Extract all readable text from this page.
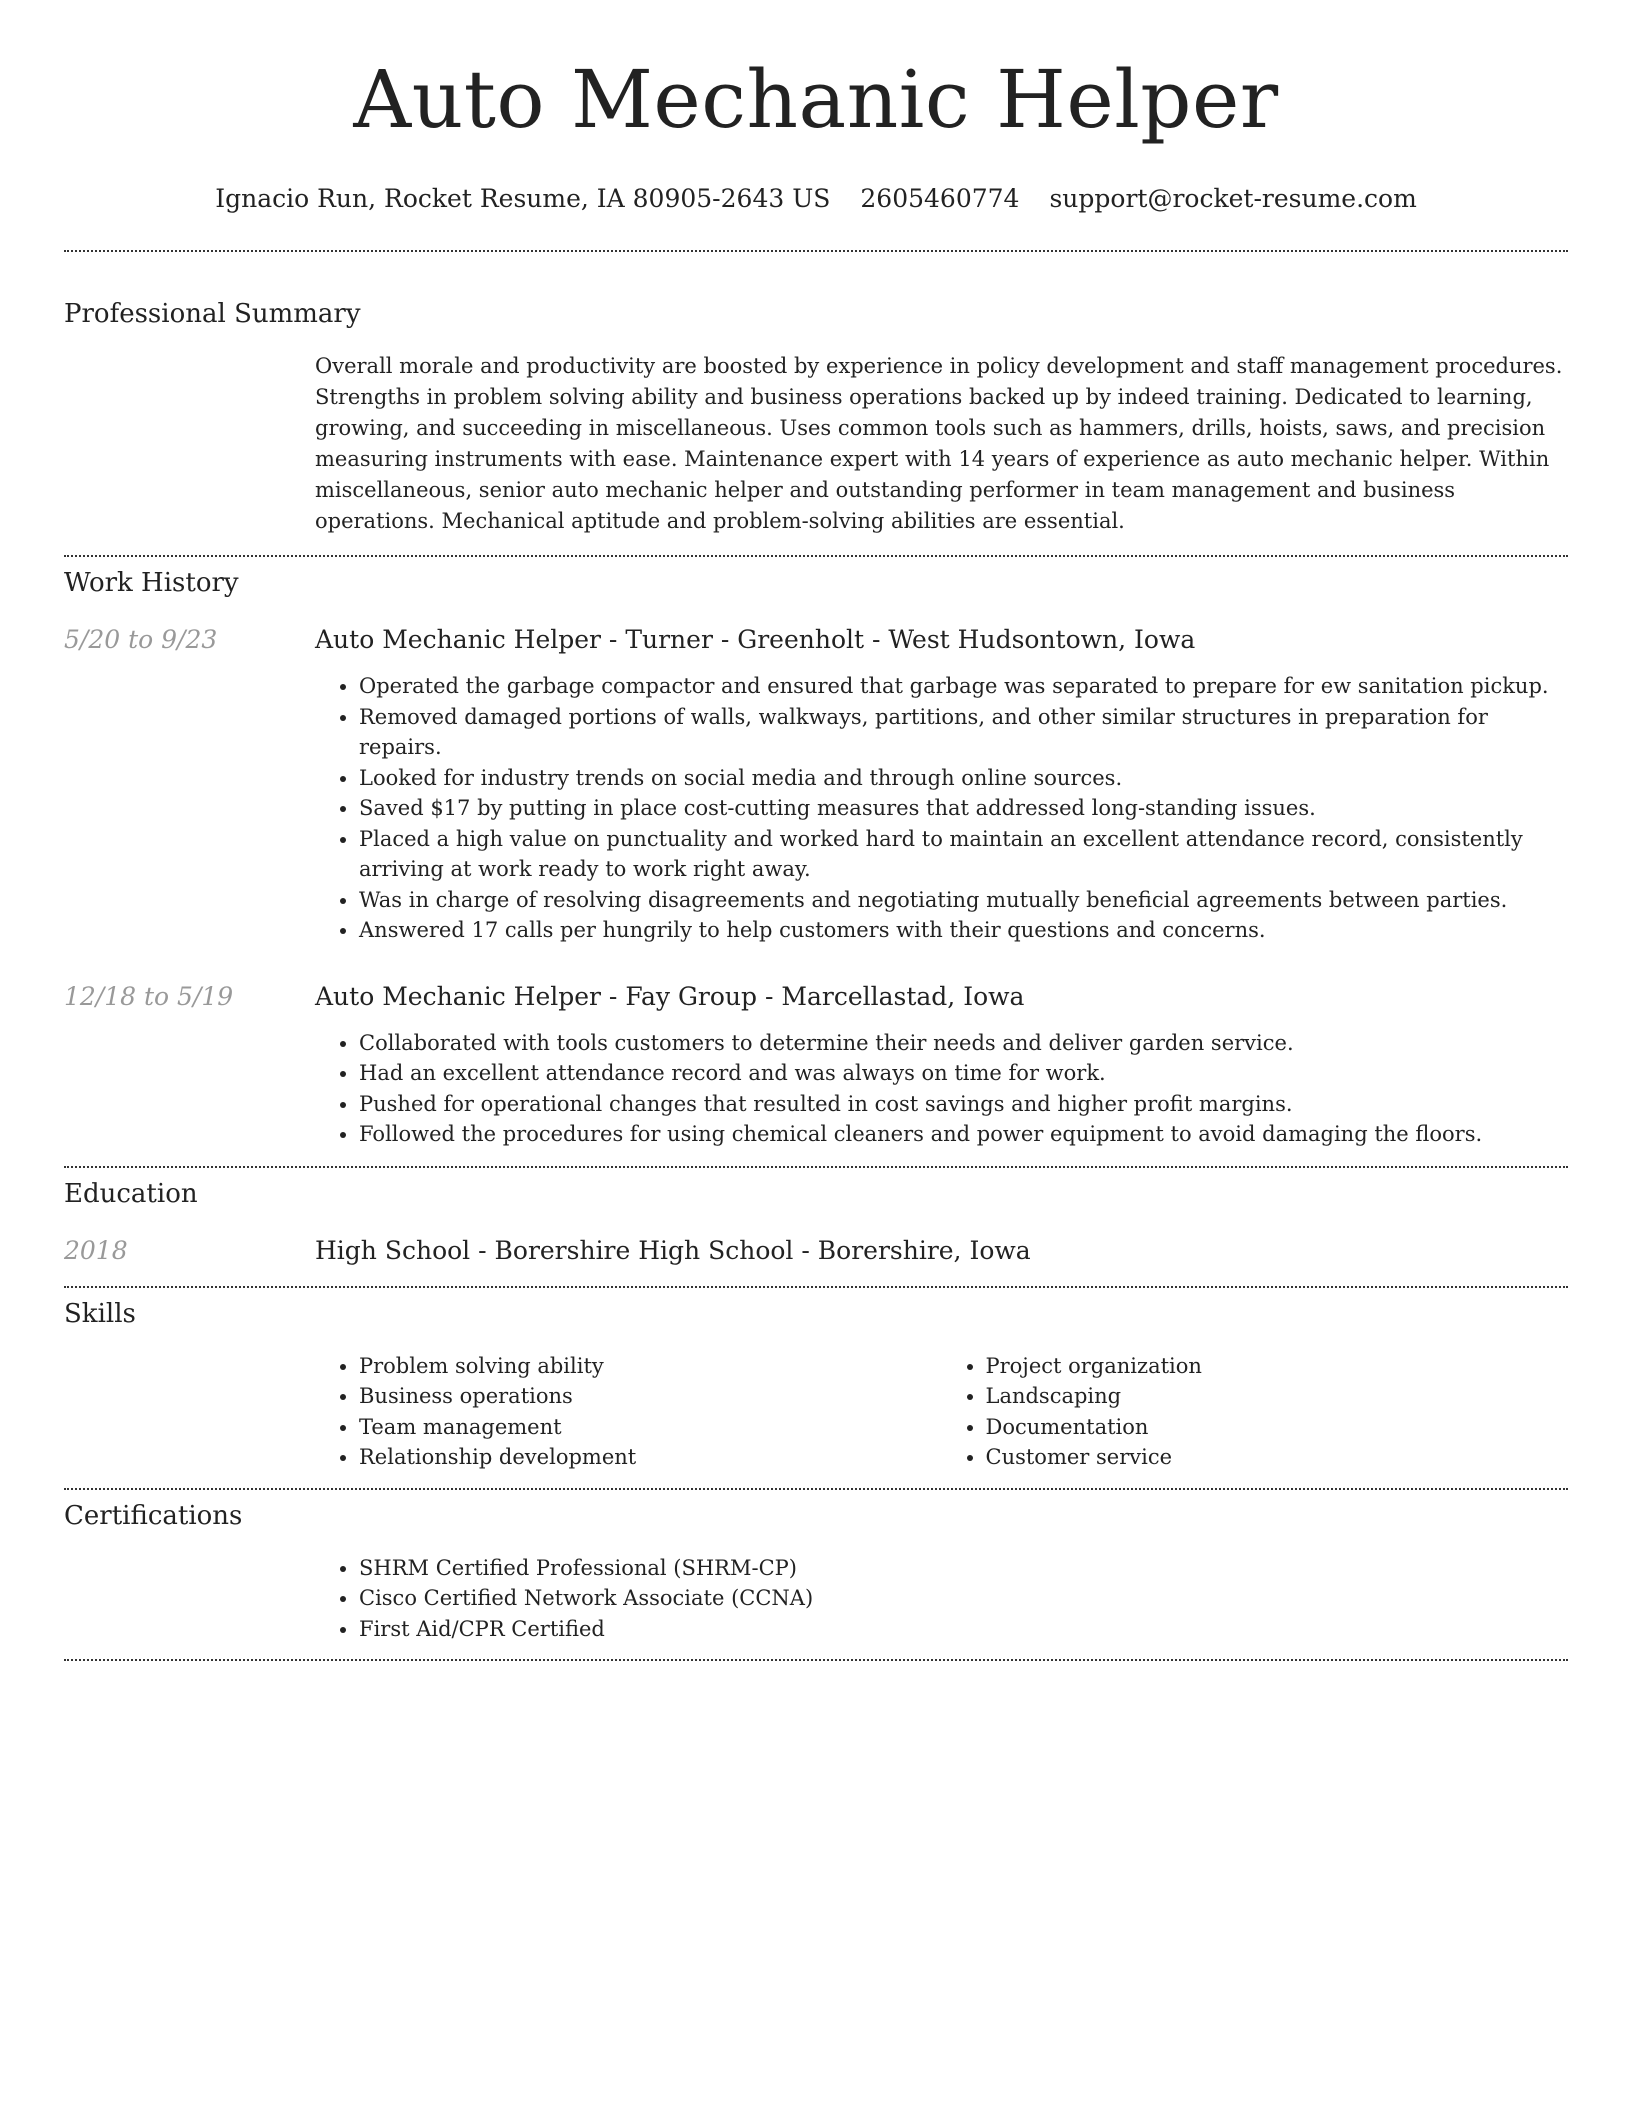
Auto Mechanic Helper
Ignacio Run, Rocket Resume, IA 80905-2643 US 2605460774 support@rocket-resume.com
Professional Summary

Overall morale and productivity are boosted by experience in policy development and staff management procedures. Strengths in problem solving ability and business operations backed up by indeed training. Dedicated to learning, growing, and succeeding in miscellaneous. Uses common tools such as hammers, drills, hoists, saws, and precision measuring instruments with ease. Maintenance expert with 14 years of experience as auto mechanic helper. Within miscellaneous, senior auto mechanic helper and outstanding performer in team management and business operations. Mechanical aptitude and problem-solving abilities are essential.

Work History
5/20 to 9/23	Auto Mechanic Helper - Turner - Greenholt - West Hudsontown, Iowa

• Operated the garbage compactor and ensured that garbage was separated to prepare for ew sanitation pickup.
• Removed damaged portions of walls, walkways, partitions, and other similar structures in preparation for repairs.
• Looked for industry trends on social media and through online sources.
• Saved $17 by putting in place cost-cutting measures that addressed long-standing issues.
• Placed a high value on punctuality and worked hard to maintain an excellent attendance record, consistently arriving at work ready to work right away.
• Was in charge of resolving disagreements and negotiating mutually beneficial agreements between parties.
• Answered 17 calls per hungrily to help customers with their questions and concerns.
12/18 to 5/19	Auto Mechanic Helper - Fay Group - Marcellastad, Iowa

• Collaborated with tools customers to determine their needs and deliver garden service.
• Had an excellent attendance record and was always on time for work.
• Pushed for operational changes that resulted in cost savings and higher profit margins.
• Followed the procedures for using chemical cleaners and power equipment to avoid damaging the floors.
Education
2018	High School - Borershire High School - Borershire, Iowa

Skills
• Problem solving ability
• Business operations
• Team management
• Relationship development
• Project organization
• Landscaping
• Documentation
• Customer service
Certifications
• SHRM Certified Professional (SHRM-CP)
• Cisco Certified Network Associate (CCNA)
• First Aid/CPR Certified
